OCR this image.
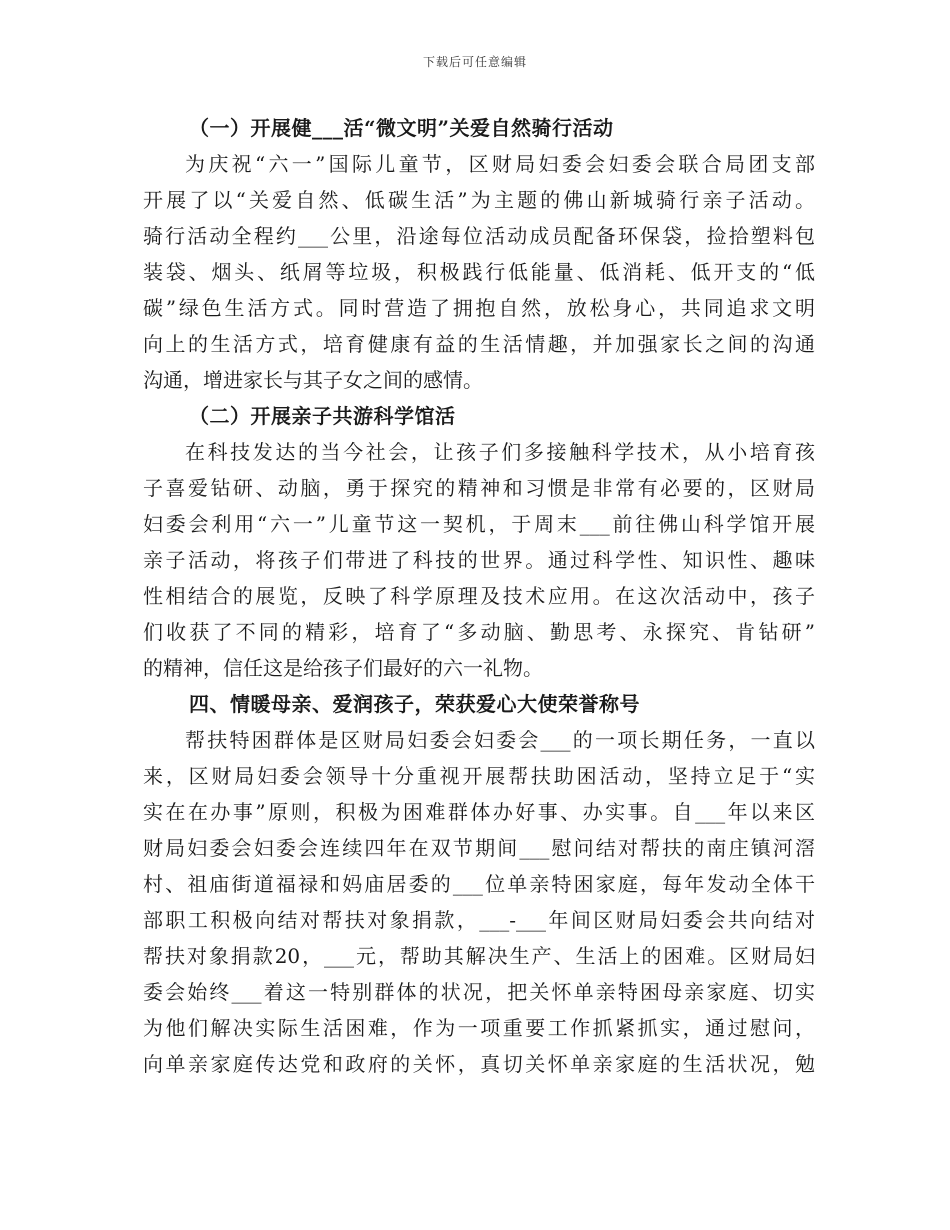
下载后可任意编辑
（一）开展健___活“微文明”关爱自然骑行活动
为庆祝“六一”国际儿童节，区财局妇委会妇委会联合局团支部
开展了以“关爱自然、低碳生活”为主题的佛山新城骑行亲子活动。
骑行活动全程约___公里，沿途每位活动成员配备环保袋，捡拾塑料包
装袋、烟头、纸屑等垃圾，积极践行低能量、低消耗、低开支的“低
碳”绿色生活方式。同时营造了拥抱自然，放松身心，共同追求文明
向上的生活方式，培育健康有益的生活情趣，并加强家长之间的沟通
沟通，增进家长与其子女之间的感情。
（二）开展亲子共游科学馆活
在科技发达的当今社会，让孩子们多接触科学技术，从小培育孩
子喜爱钻研、动脑，勇于探究的精神和习惯是非常有必要的，区财局
妇委会利用“六一”儿童节这一契机，于周末___前往佛山科学馆开展
亲子活动，将孩子们带进了科技的世界。通过科学性、知识性、趣味
性相结合的展览，反映了科学原理及技术应用。在这次活动中，孩子
们收获了不同的精彩，培育了“多动脑、勤思考、永探究、肯钻研”
的精神，信任这是给孩子们最好的六一礼物。
四、情暖母亲、爱润孩子，荣获爱心大使荣誉称号
帮扶特困群体是区财局妇委会妇委会___的一项长期任务，一直以
来，区财局妇委会领导十分重视开展帮扶助困活动，坚持立足于“实
实在在办事”原则，积极为困难群体办好事、办实事。自___年以来区
财局妇委会妇委会连续四年在双节期间___慰问结对帮扶的南庄镇河滘
村、祖庙街道福禄和妈庙居委的___位单亲特困家庭，每年发动全体干
部职工积极向结对帮扶对象捐款，___-___年间区财局妇委会共向结对
帮扶对象捐款20，___元，帮助其解决生产、生活上的困难。区财局妇
委会始终___着这一特别群体的状况，把关怀单亲特困母亲家庭、切实
为他们解决实际生活困难，作为一项重要工作抓紧抓实，通过慰问，
向单亲家庭传达党和政府的关怀，真切关怀单亲家庭的生活状况，勉
